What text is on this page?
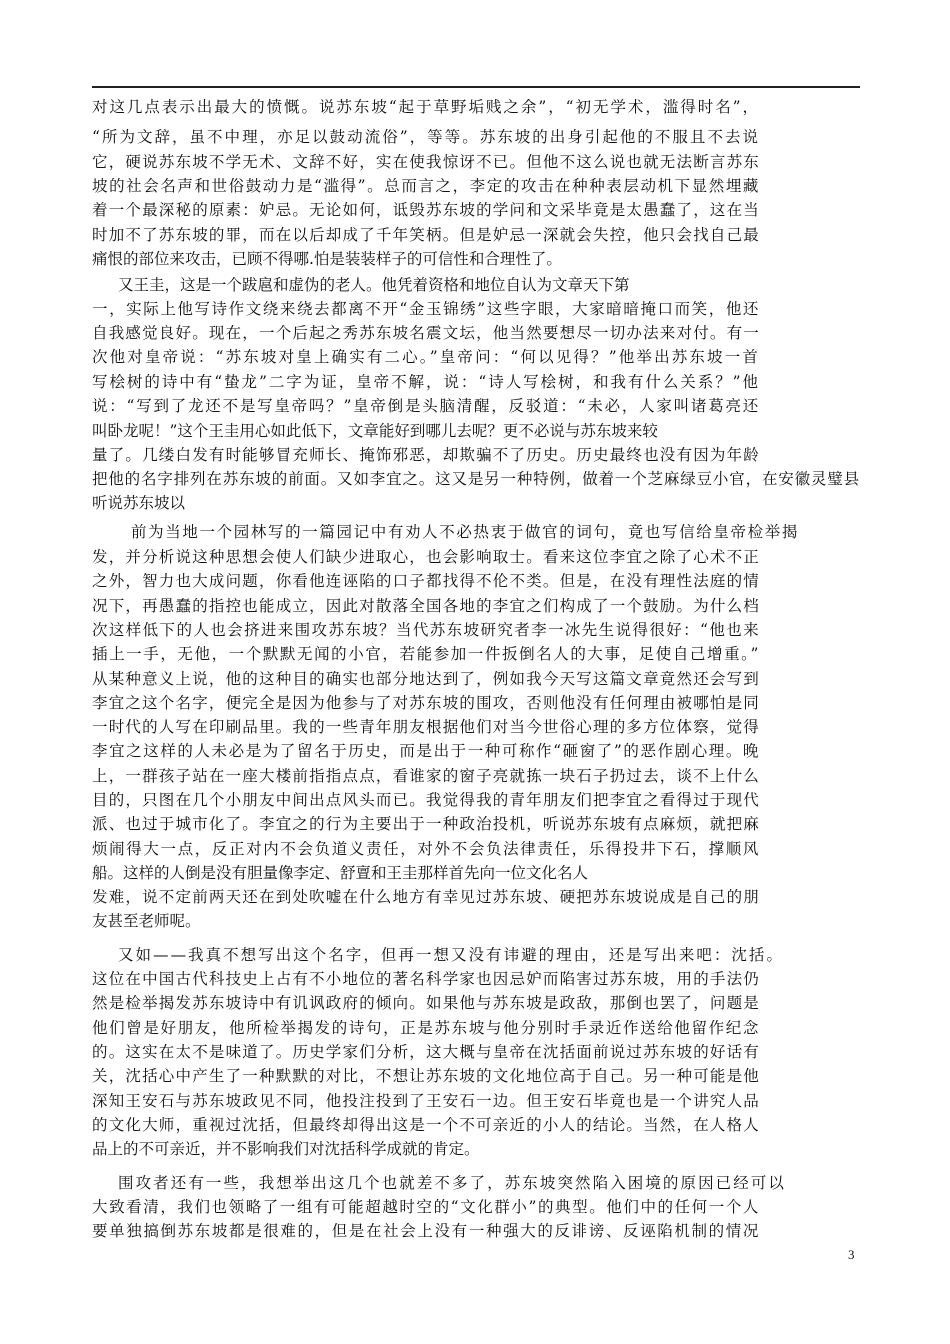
对这几点表示出最大的愤慨。说苏东坡“起于草野垢贱之余”，“初无学术，滥得时名”，
“所为文辞，虽不中理，亦足以鼓动流俗”，等等。苏东坡的出身引起他的不服且不去说
它，硬说苏东坡不学无术、文辞不好，实在使我惊讶不已。但他不这么说也就无法断言苏东
坡的社会名声和世俗鼓动力是“滥得”。总而言之，李定的攻击在种种表层动机下显然埋藏
着一个最深秘的原素：妒忌。无论如何，诋毁苏东坡的学问和文采毕竟是太愚蠢了，这在当
时加不了苏东坡的罪，而在以后却成了千年笑柄。但是妒忌一深就会失控，他只会找自己最
痛恨的部位来攻击，已顾不得哪.怕是装装样子的可信性和合理性了。
又王圭，这是一个跋扈和虚伪的老人。他凭着资格和地位自认为文章天下第
一，实际上他写诗作文绕来绕去都离不开“金玉锦绣”这些字眼，大家暗暗掩口而笑，他还
自我感觉良好。现在，一个后起之秀苏东坡名震文坛，他当然要想尽一切办法来对付。有一
次他对皇帝说：“苏东坡对皇上确实有二心。”皇帝问：“何以见得？”他举出苏东坡一首
写桧树的诗中有“蛰龙”二字为证，皇帝不解，说：“诗人写桧树，和我有什么关系？”他
说：“写到了龙还不是写皇帝吗？”皇帝倒是头脑清醒，反驳道：“未必，人家叫诸葛亮还
叫卧龙呢！”这个王圭用心如此低下，文章能好到哪儿去呢？更不必说与苏东坡来较
量了。几缕白发有时能够冒充师长、掩饰邪恶，却欺骗不了历史。历史最终也没有因为年龄
把他的名字排列在苏东坡的前面。又如李宜之。这又是另一种特例，做着一个芝麻绿豆小官，在安徽灵璧县
听说苏东坡以
前为当地一个园林写的一篇园记中有劝人不必热衷于做官的词句，竟也写信给皇帝检举揭
发，并分析说这种思想会使人们缺少进取心，也会影响取士。看来这位李宜之除了心术不正
之外，智力也大成问题，你看他连诬陷的口子都找得不伦不类。但是，在没有理性法庭的情
况下，再愚蠢的指控也能成立，因此对散落全国各地的李宜之们构成了一个鼓励。为什么档
次这样低下的人也会挤进来围攻苏东坡？当代苏东坡研究者李一冰先生说得很好：“他也来
插上一手，无他，一个默默无闻的小官，若能参加一件扳倒名人的大事，足使自己增重。”
从某种意义上说，他的这种目的确实也部分地达到了，例如我今天写这篇文章竟然还会写到
李宜之这个名字，便完全是因为他参与了对苏东坡的围攻，否则他没有任何理由被哪怕是同
一时代的人写在印刷品里。我的一些青年朋友根据他们对当今世俗心理的多方位体察，觉得
李宜之这样的人未必是为了留名于历史，而是出于一种可称作“砸窗了”的恶作剧心理。晚
上，一群孩子站在一座大楼前指指点点，看谁家的窗子亮就拣一块石子扔过去，谈不上什么
目的，只图在几个小朋友中间出点风头而已。我觉得我的青年朋友们把李宜之看得过于现代
派、也过于城市化了。李宜之的行为主要出于一种政治投机，听说苏东坡有点麻烦，就把麻
烦闹得大一点，反正对内不会负道义责任，对外不会负法律责任，乐得投井下石，撑顺风
船。这样的人倒是没有胆量像李定、舒亶和王圭那样首先向一位文化名人
发难，说不定前两天还在到处吹嘘在什么地方有幸见过苏东坡、硬把苏东坡说成是自己的朋
友甚至老师呢。
又如——我真不想写出这个名字，但再一想又没有讳避的理由，还是写出来吧：沈括。
这位在中国古代科技史上占有不小地位的著名科学家也因忌妒而陷害过苏东坡，用的手法仍
然是检举揭发苏东坡诗中有讥讽政府的倾向。如果他与苏东坡是政敌，那倒也罢了，问题是
他们曾是好朋友，他所检举揭发的诗句，正是苏东坡与他分别时手录近作送给他留作纪念
的。这实在太不是味道了。历史学家们分析，这大概与皇帝在沈括面前说过苏东坡的好话有
关，沈括心中产生了一种默默的对比，不想让苏东坡的文化地位高于自己。另一种可能是他
深知王安石与苏东坡政见不同，他投注投到了王安石一边。但王安石毕竟也是一个讲究人品
的文化大师，重视过沈括，但最终却得出这是一个不可亲近的小人的结论。当然，在人格人
品上的不可亲近，并不影响我们对沈括科学成就的肯定。
围攻者还有一些，我想举出这几个也就差不多了，苏东坡突然陷入困境的原因已经可以
大致看清，我们也领略了一组有可能超越时空的“文化群小”的典型。他们中的任何一个人
要单独搞倒苏东坡都是很难的，但是在社会上没有一种强大的反诽谤、反诬陷机制的情况
3
